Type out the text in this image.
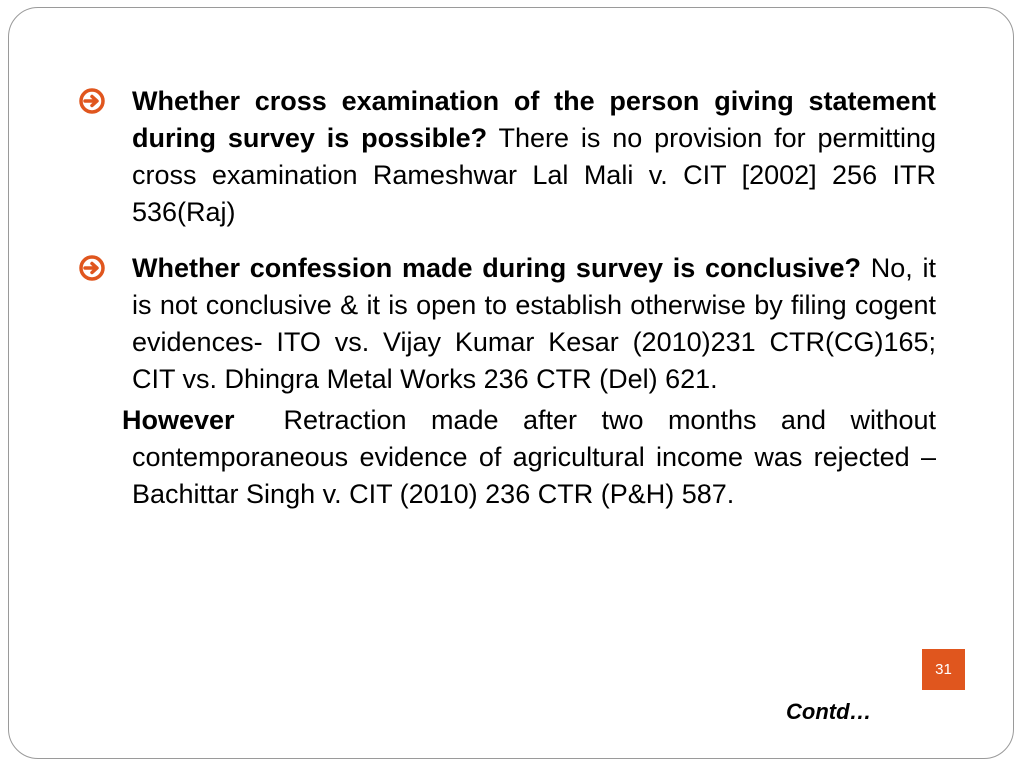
Whether cross examination of the person giving statement during survey is possible? There is no provision for permitting cross examination Rameshwar Lal Mali v. CIT [2002] 256 ITR 536(Raj)
Whether confession made during survey is conclusive? No, it is not conclusive & it is open to establish otherwise by filing cogent evidences- ITO vs. Vijay Kumar Kesar (2010)231 CTR(CG)165; CIT vs. Dhingra Metal Works 236 CTR (Del) 621.
However Retraction made after two months and without contemporaneous evidence of agricultural income was rejected – Bachittar Singh v. CIT (2010) 236 CTR (P&H) 587.
31
Contd…
